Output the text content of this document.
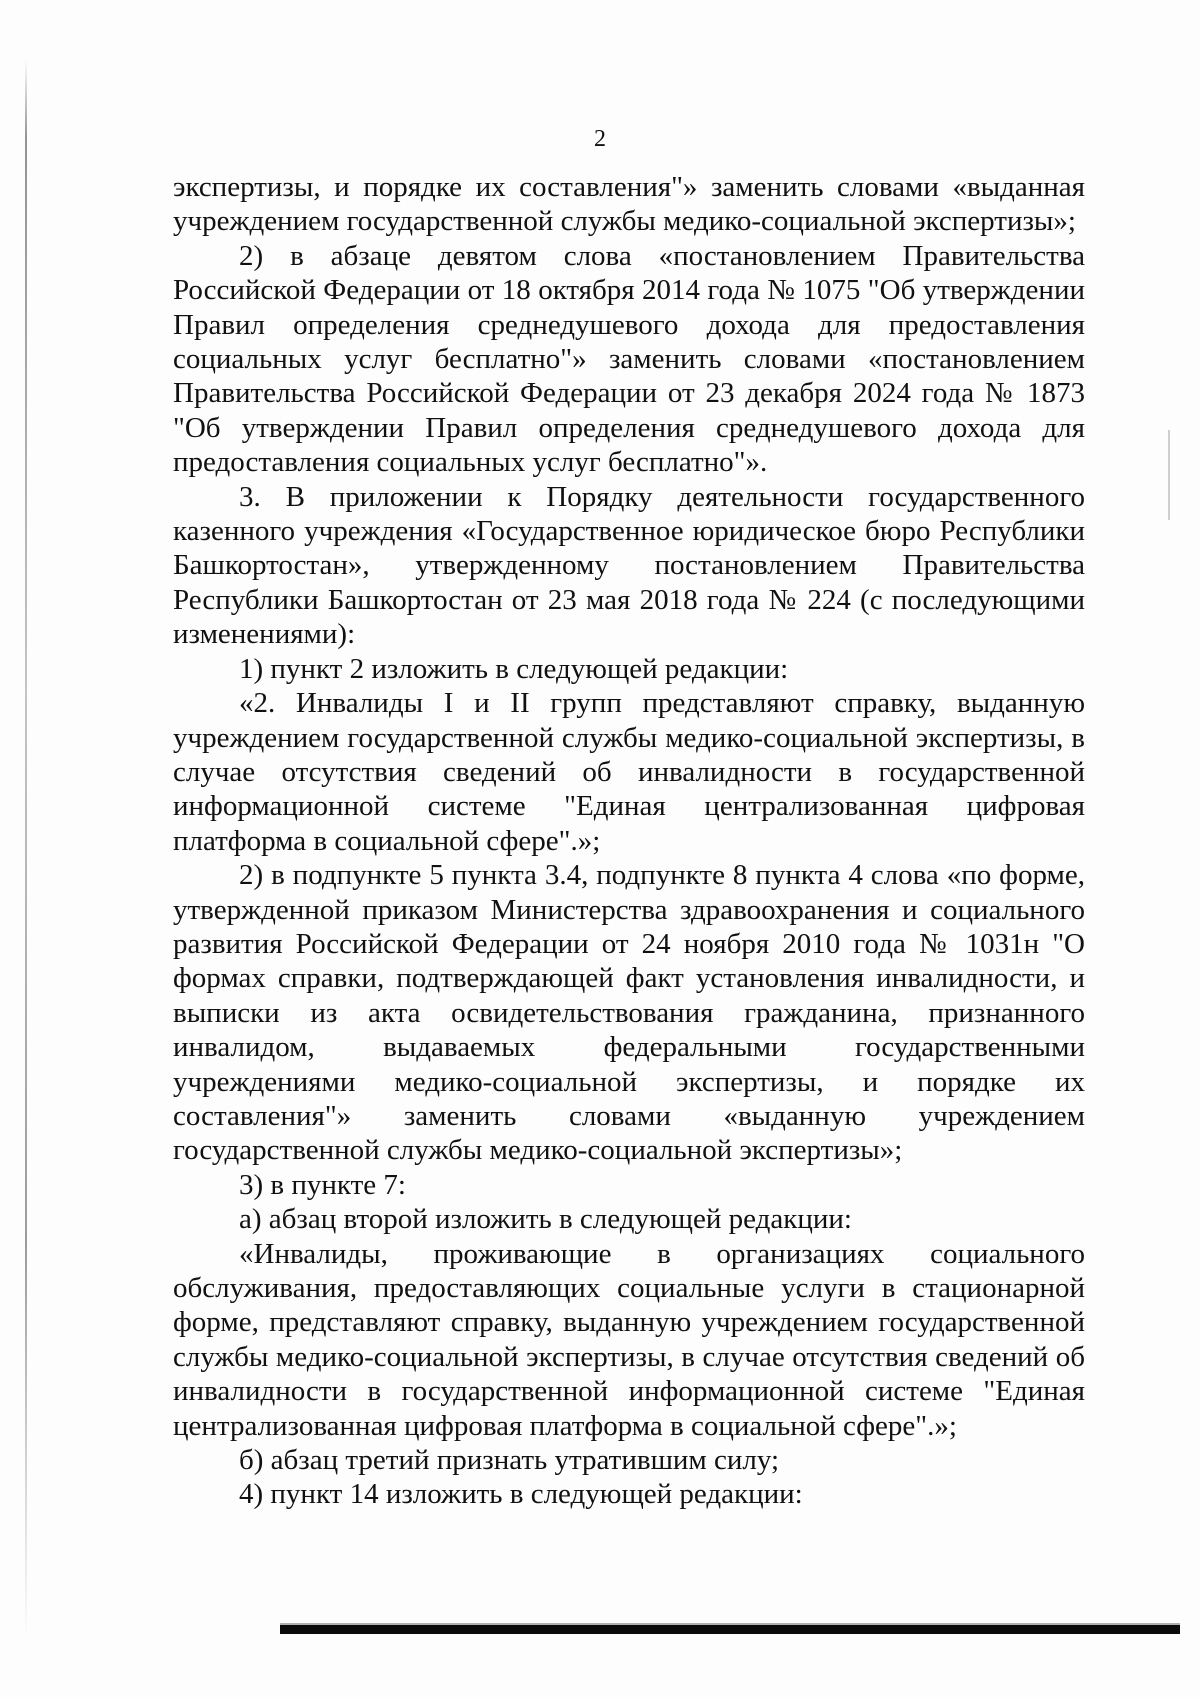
2

экспертизы, и порядке их составления"» заменить словами «выданная учреждением государственной службы медико-социальной экспертизы»;

2) в абзаце девятом слова «постановлением Правительства Российской Федерации от 18 октября 2014 года № 1075 "Об утверждении Правил определения среднедушевого дохода для предоставления социальных услуг бесплатно"» заменить словами «постановлением Правительства Российской Федерации от 23 декабря 2024 года № 1873 "Об утверждении Правил определения среднедушевого дохода для предоставления социальных услуг бесплатно"».

3. В приложении к Порядку деятельности государственного казенного учреждения «Государственное юридическое бюро Республики Башкортостан», утвержденному постановлением Правительства Республики Башкортостан от 23 мая 2018 года № 224 (с последующими изменениями):

1) пункт 2 изложить в следующей редакции:

«2. Инвалиды I и II групп представляют справку, выданную учреждением государственной службы медико-социальной экспертизы, в случае отсутствия сведений об инвалидности в государственной информационной системе "Единая централизованная цифровая платформа в социальной сфере".»;

2) в подпункте 5 пункта 3.4, подпункте 8 пункта 4 слова «по форме, утвержденной приказом Министерства здравоохранения и социального развития Российской Федерации от 24 ноября 2010 года № 1031н "О формах справки, подтверждающей факт установления инвалидности, и выписки из акта освидетельствования гражданина, признанного инвалидом, выдаваемых федеральными государственными учреждениями медико-социальной экспертизы, и порядке их составления"» заменить словами «выданную учреждением государственной службы медико-социальной экспертизы»;

3) в пункте 7:

а) абзац второй изложить в следующей редакции:

«Инвалиды, проживающие в организациях социального обслуживания, предоставляющих социальные услуги в стационарной форме, представляют справку, выданную учреждением государственной службы медико-социальной экспертизы, в случае отсутствия сведений об инвалидности в государственной информационной системе "Единая централизованная цифровая платформа в социальной сфере".»;

б) абзац третий признать утратившим силу;

4) пункт 14 изложить в следующей редакции:
